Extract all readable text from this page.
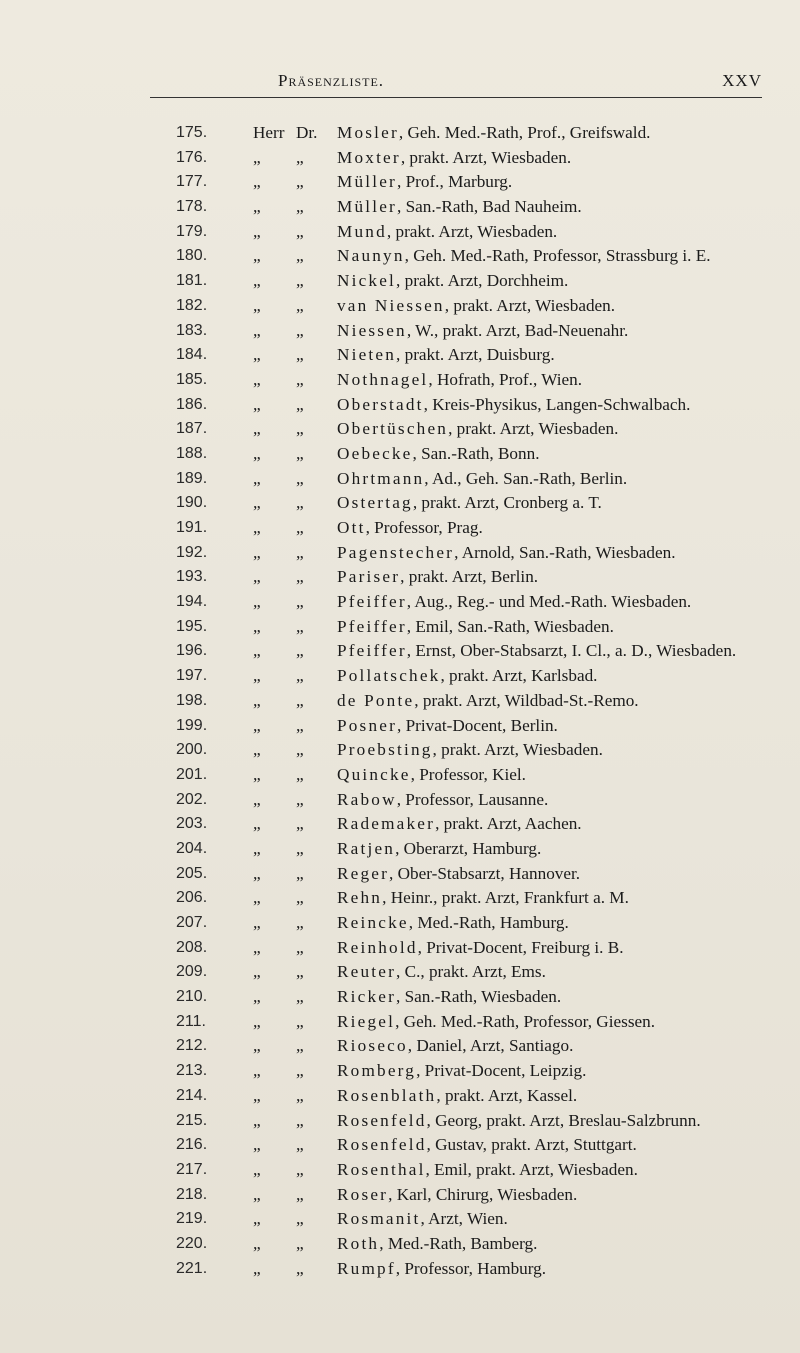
Präsenzliste.	XXV
175.	Herr Dr. Mosler, Geh. Med.-Rath, Prof., Greifswald.
176.	„ „ Moxter, prakt. Arzt, Wiesbaden.
177.	„ „ Müller, Prof., Marburg.
178.	„ „ Müller, San.-Rath, Bad Nauheim.
179.	„ „ Mund, prakt. Arzt, Wiesbaden.
180.	„ „ Naunyn, Geh. Med.-Rath, Professor, Strassburg i. E.
181.	„ „ Nickel, prakt. Arzt, Dorchheim.
182.	„ „ van Niessen, prakt. Arzt, Wiesbaden.
183.	„ „ Niessen, W., prakt. Arzt, Bad-Neuenahr.
184.	„ „ Nieten, prakt. Arzt, Duisburg.
185.	„ „ Nothnagel, Hofrath, Prof., Wien.
186.	„ „ Oberstadt, Kreis-Physikus, Langen-Schwalbach.
187.	„ „ Obertüschen, prakt. Arzt, Wiesbaden.
188.	„ „ Oebecke, San.-Rath, Bonn.
189.	„ „ Ohrtmann, Ad., Geh. San.-Rath, Berlin.
190.	„ „ Ostertag, prakt. Arzt, Cronberg a. T.
191.	„ „ Ott, Professor, Prag.
192.	„ „ Pagenstecher, Arnold, San.-Rath, Wiesbaden.
193.	„ „ Pariser, prakt. Arzt, Berlin.
194.	„ „ Pfeiffer, Aug., Reg.- und Med.-Rath. Wiesbaden.
195.	„ „ Pfeiffer, Emil, San.-Rath, Wiesbaden.
196.	„ „ Pfeiffer, Ernst, Ober-Stabsarzt, I. Cl., a. D., Wiesbaden.
197.	„ „ Pollatschek, prakt. Arzt, Karlsbad.
198.	„ „ de Ponte, prakt. Arzt, Wildbad-St.-Remo.
199.	„ „ Posner, Privat-Docent, Berlin.
200.	„ „ Proebsting, prakt. Arzt, Wiesbaden.
201.	„ „ Quincke, Professor, Kiel.
202.	„ „ Rabow, Professor, Lausanne.
203.	„ „ Rademaker, prakt. Arzt, Aachen.
204.	„ „ Ratjen, Oberarzt, Hamburg.
205.	„ „ Reger, Ober-Stabsarzt, Hannover.
206.	„ „ Rehn, Heinr., prakt. Arzt, Frankfurt a. M.
207.	„ „ Reincke, Med.-Rath, Hamburg.
208.	„ „ Reinhold, Privat-Docent, Freiburg i. B.
209.	„ „ Reuter, C., prakt. Arzt, Ems.
210.	„ „ Ricker, San.-Rath, Wiesbaden.
211.	„ „ Riegel, Geh. Med.-Rath, Professor, Giessen.
212.	„ „ Rioseco, Daniel, Arzt, Santiago.
213.	„ „ Romberg, Privat-Docent, Leipzig.
214.	„ „ Rosenblath, prakt. Arzt, Kassel.
215.	„ „ Rosenfeld, Georg, prakt. Arzt, Breslau-Salzbrunn.
216.	„ „ Rosenfeld, Gustav, prakt. Arzt, Stuttgart.
217.	„ „ Rosenthal, Emil, prakt. Arzt, Wiesbaden.
218.	„ „ Roser, Karl, Chirurg, Wiesbaden.
219.	„ „ Rosmanit, Arzt, Wien.
220.	„ „ Roth, Med.-Rath, Bamberg.
221.	„ „ Rumpf, Professor, Hamburg.
